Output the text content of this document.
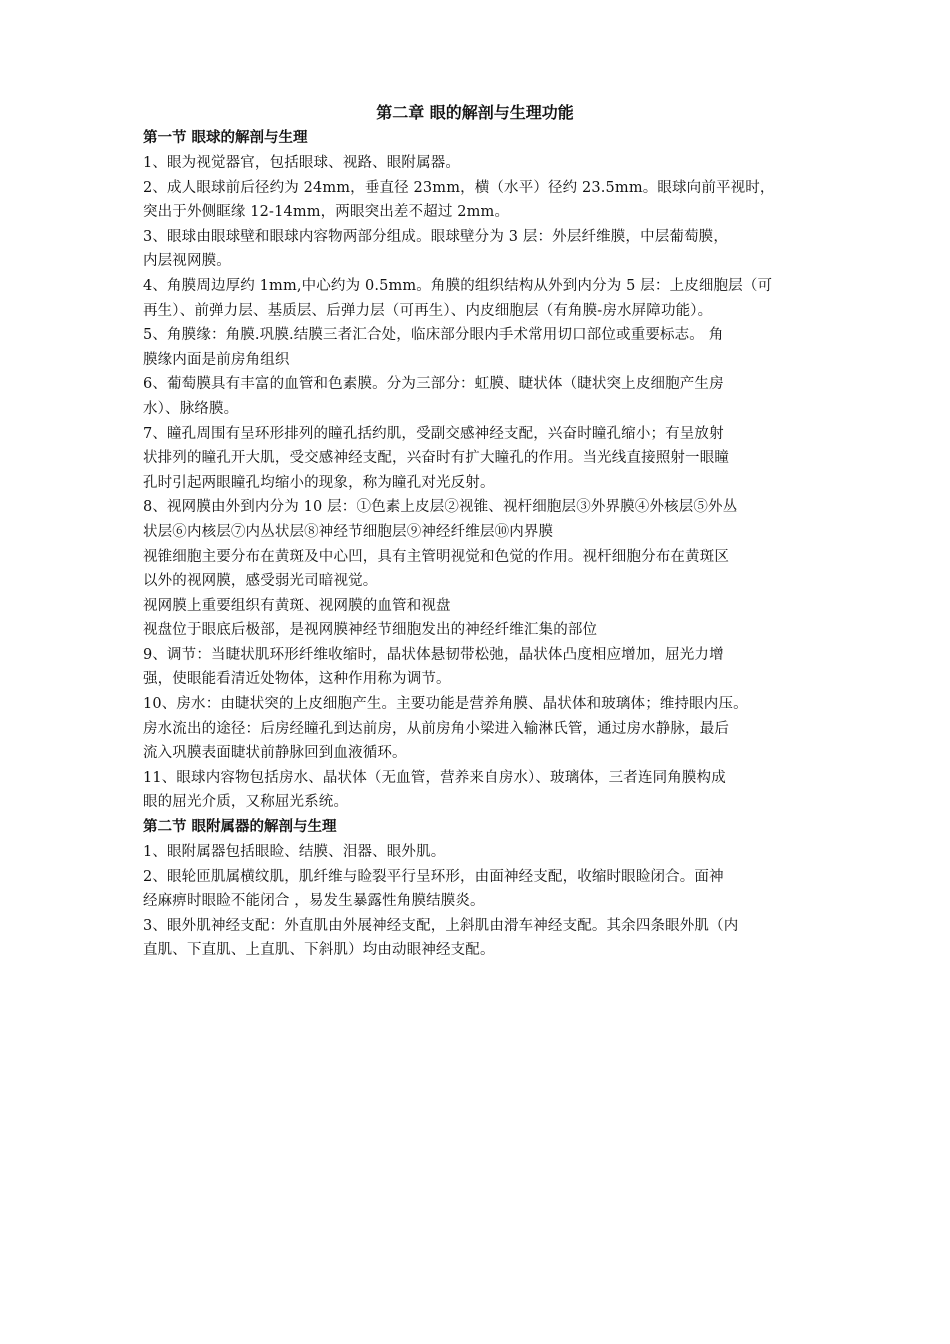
第二章 眼的解剖与生理功能
第一节 眼球的解剖与生理
1、眼为视觉器官，包括眼球、视路、眼附属器。
2、成人眼球前后径约为 24mm，垂直径 23mm，横（水平）径约 23.5mm。眼球向前平视时，
突出于外侧眶缘 12-14mm，两眼突出差不超过 2mm。
3、眼球由眼球壁和眼球内容物两部分组成。眼球壁分为 3 层：外层纤维膜，中层葡萄膜，
内层视网膜。
4、角膜周边厚约 1mm,中心约为 0.5mm。角膜的组织结构从外到内分为 5 层：上皮细胞层（可
再生）、前弹力层、基质层、后弹力层（可再生）、内皮细胞层（有角膜-房水屏障功能）。
5、角膜缘：角膜.巩膜.结膜三者汇合处，临床部分眼内手术常用切口部位或重要标志。 角
膜缘内面是前房角组织
6、葡萄膜具有丰富的血管和色素膜。分为三部分：虹膜、睫状体（睫状突上皮细胞产生房
水）、脉络膜。
7、瞳孔周围有呈环形排列的瞳孔括约肌，受副交感神经支配，兴奋时瞳孔缩小；有呈放射
状排列的瞳孔开大肌，受交感神经支配，兴奋时有扩大瞳孔的作用。当光线直接照射一眼瞳
孔时引起两眼瞳孔均缩小的现象，称为瞳孔对光反射。
8、视网膜由外到内分为 10 层：①色素上皮层②视锥、视杆细胞层③外界膜④外核层⑤外丛
状层⑥内核层⑦内丛状层⑧神经节细胞层⑨神经纤维层⑩内界膜
视锥细胞主要分布在黄斑及中心凹，具有主管明视觉和色觉的作用。视杆细胞分布在黄斑区
以外的视网膜，感受弱光司暗视觉。
视网膜上重要组织有黄斑、视网膜的血管和视盘
视盘位于眼底后极部，是视网膜神经节细胞发出的神经纤维汇集的部位
9、调节：当睫状肌环形纤维收缩时，晶状体悬韧带松弛，晶状体凸度相应增加，屈光力增
强，使眼能看清近处物体，这种作用称为调节。
10、房水：由睫状突的上皮细胞产生。主要功能是营养角膜、晶状体和玻璃体；维持眼内压。
房水流出的途径：后房经瞳孔到达前房，从前房角小梁进入输淋氏管，通过房水静脉，最后
流入巩膜表面睫状前静脉回到血液循环。
11、眼球内容物包括房水、晶状体（无血管，营养来自房水）、玻璃体，三者连同角膜构成
眼的屈光介质，又称屈光系统。
第二节 眼附属器的解剖与生理
1、眼附属器包括眼睑、结膜、泪器、眼外肌。
2、眼轮匝肌属横纹肌，肌纤维与睑裂平行呈环形，由面神经支配，收缩时眼睑闭合。面神
经麻痹时眼睑不能闭合 ，易发生暴露性角膜结膜炎。
3、眼外肌神经支配：外直肌由外展神经支配，上斜肌由滑车神经支配。其余四条眼外肌（内
直肌、下直肌、上直肌、下斜肌）均由动眼神经支配。
